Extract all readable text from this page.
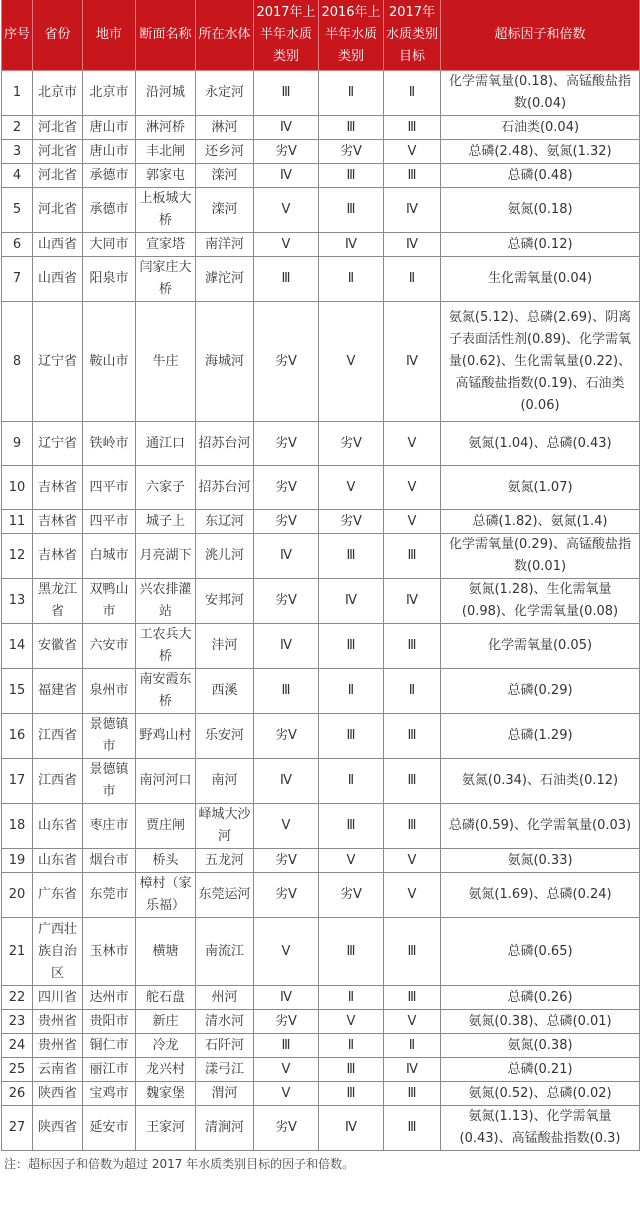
序号	省份	地市	断面名称	所在水体	2017年上半年水质类别	2016年上半年水质类别	2017年水质类别目标	超标因子和倍数
1	北京市	北京市	沿河城	永定河	Ⅲ	Ⅱ	Ⅱ	化学需氧量(0.18)、高锰酸盐指数(0.04)
2	河北省	唐山市	淋河桥	淋河	Ⅳ	Ⅲ	Ⅲ	石油类(0.04)
3	河北省	唐山市	丰北闸	还乡河	劣Ⅴ	劣Ⅴ	Ⅴ	总磷(2.48)、氨氮(1.32)
4	河北省	承德市	郭家屯	滦河	Ⅳ	Ⅲ	Ⅲ	总磷(0.48)
5	河北省	承德市	上板城大桥	滦河	Ⅴ	Ⅲ	Ⅳ	氨氮(0.18)
6	山西省	大同市	宣家塔	南洋河	Ⅴ	Ⅳ	Ⅳ	总磷(0.12)
7	山西省	阳泉市	闫家庄大桥	滹沱河	Ⅲ	Ⅱ	Ⅱ	生化需氧量(0.04)
8	辽宁省	鞍山市	牛庄	海城河	劣Ⅴ	Ⅴ	Ⅳ	氨氮(5.12)、总磷(2.69)、阴离子表面活性剂(0.89)、化学需氧量(0.62)、生化需氧量(0.22)、高锰酸盐指数(0.19)、石油类(0.06)
9	辽宁省	铁岭市	通江口	招苏台河	劣Ⅴ	劣Ⅴ	Ⅴ	氨氮(1.04)、总磷(0.43)
10	吉林省	四平市	六家子	招苏台河	劣Ⅴ	Ⅴ	Ⅴ	氨氮(1.07)
11	吉林省	四平市	城子上	东辽河	劣Ⅴ	劣Ⅴ	Ⅴ	总磷(1.82)、氨氮(1.4)
12	吉林省	白城市	月亮湖下	洮儿河	Ⅳ	Ⅲ	Ⅲ	化学需氧量(0.29)、高锰酸盐指数(0.01)
13	黑龙江省	双鸭山市	兴农排灌站	安邦河	劣Ⅴ	Ⅳ	Ⅳ	氨氮(1.28)、生化需氧量(0.98)、化学需氧量(0.08)
14	安徽省	六安市	工农兵大桥	沣河	Ⅳ	Ⅲ	Ⅲ	化学需氧量(0.05)
15	福建省	泉州市	南安霞东桥	西溪	Ⅲ	Ⅱ	Ⅱ	总磷(0.29)
16	江西省	景德镇市	野鸡山村	乐安河	劣Ⅴ	Ⅲ	Ⅲ	总磷(1.29)
17	江西省	景德镇市	南河河口	南河	Ⅳ	Ⅱ	Ⅲ	氨氮(0.34)、石油类(0.12)
18	山东省	枣庄市	贾庄闸	峄城大沙河	Ⅴ	Ⅲ	Ⅲ	总磷(0.59)、化学需氧量(0.03)
19	山东省	烟台市	桥头	五龙河	劣Ⅴ	Ⅴ	Ⅴ	氨氮(0.33)
20	广东省	东莞市	樟村（家乐福）	东莞运河	劣Ⅴ	劣Ⅴ	Ⅴ	氨氮(1.69)、总磷(0.24)
21	广西壮族自治区	玉林市	横塘	南流江	Ⅴ	Ⅲ	Ⅲ	总磷(0.65)
22	四川省	达州市	舵石盘	州河	Ⅳ	Ⅱ	Ⅲ	总磷(0.26)
23	贵州省	贵阳市	新庄	清水河	劣Ⅴ	Ⅴ	Ⅴ	氨氮(0.38)、总磷(0.01)
24	贵州省	铜仁市	冷龙	石阡河	Ⅲ	Ⅱ	Ⅱ	氨氮(0.38)
25	云南省	丽江市	龙兴村	漾弓江	Ⅴ	Ⅲ	Ⅳ	总磷(0.21)
26	陕西省	宝鸡市	魏家堡	渭河	Ⅴ	Ⅲ	Ⅲ	氨氮(0.52)、总磷(0.02)
27	陕西省	延安市	王家河	清涧河	劣Ⅴ	Ⅳ	Ⅲ	氨氮(1.13)、化学需氧量(0.43)、高锰酸盐指数(0.3)
注：超标因子和倍数为超过 2017 年水质类别目标的因子和倍数。
